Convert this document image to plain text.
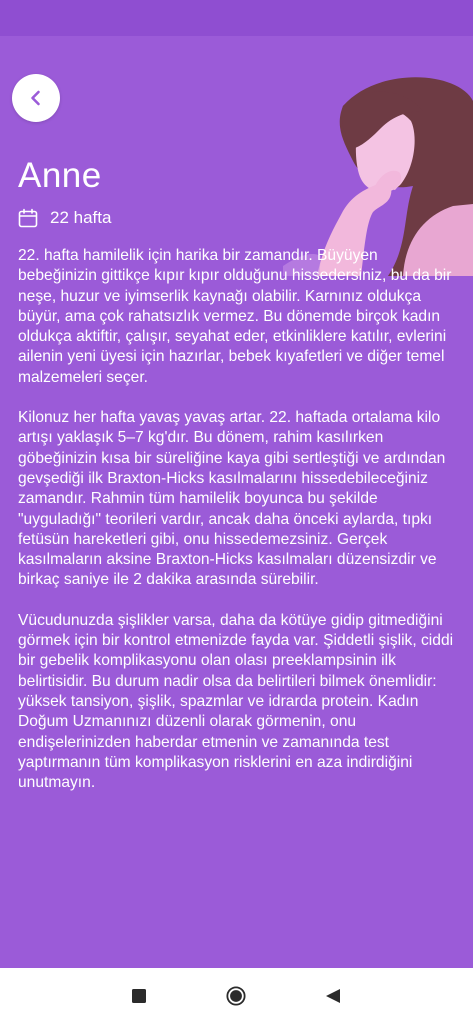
Anne
22 hafta

22. hafta hamilelik için harika bir zamandır. Büyüyen bebeğinizin gittikçe kıpır kıpır olduğunu hissedersiniz, bu da bir neşe, huzur ve iyimserlik kaynağı olabilir. Karnınız oldukça büyür, ama çok rahatsızlık vermez. Bu dönemde birçok kadın oldukça aktiftir, çalışır, seyahat eder, etkinliklere katılır, evlerini ailenin yeni üyesi için hazırlar, bebek kıyafetleri ve diğer temel malzemeleri seçer.

Kilonuz her hafta yavaş yavaş artar. 22. haftada ortalama kilo artışı yaklaşık 5–7 kg'dır. Bu dönem, rahim kasılırken göbeğinizin kısa bir süreliğine kaya gibi sertleştiği ve ardından gevşediği ilk Braxton-Hicks kasılmalarını hissedebileceğiniz zamandır. Rahmin tüm hamilelik boyunca bu şekilde "uyguladığı" teorileri vardır, ancak daha önceki aylarda, tıpkı fetüsün hareketleri gibi, onu hissedemezsiniz. Gerçek kasılmaların aksine Braxton-Hicks kasılmaları düzensizdir ve birkaç saniye ile 2 dakika arasında sürebilir.

Vücudunuzda şişlikler varsa, daha da kötüye gidip gitmediğini görmek için bir kontrol etmenizde fayda var. Şiddetli şişlik, ciddi bir gebelik komplikasyonu olan olası preeklampsinin ilk belirtisidir. Bu durum nadir olsa da belirtileri bilmek önemlidir: yüksek tansiyon, şişlik, spazmlar ve idrarda protein. Kadın Doğum Uzmanınızı düzenli olarak görmenin, onu endişelerinizden haberdar etmenin ve zamanında test yaptırmanın tüm komplikasyon risklerini en aza indirdiğini unutmayın.
